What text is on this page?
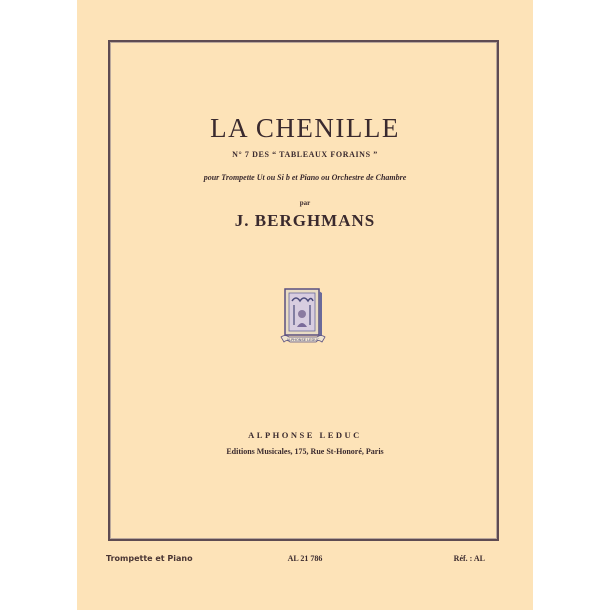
LA CHENILLE
N° 7 DES “ TABLEAUX FORAINS ”
pour Trompette Ut ou Si b et Piano ou Orchestre de Chambre
par
J. BERGHMANS
ALPHONSE LEDUC
ALPHONSE LEDUC
Editions Musicales, 175, Rue St-Honoré, Paris
Trompette et Piano	AL 21 786	Réf. : AL
